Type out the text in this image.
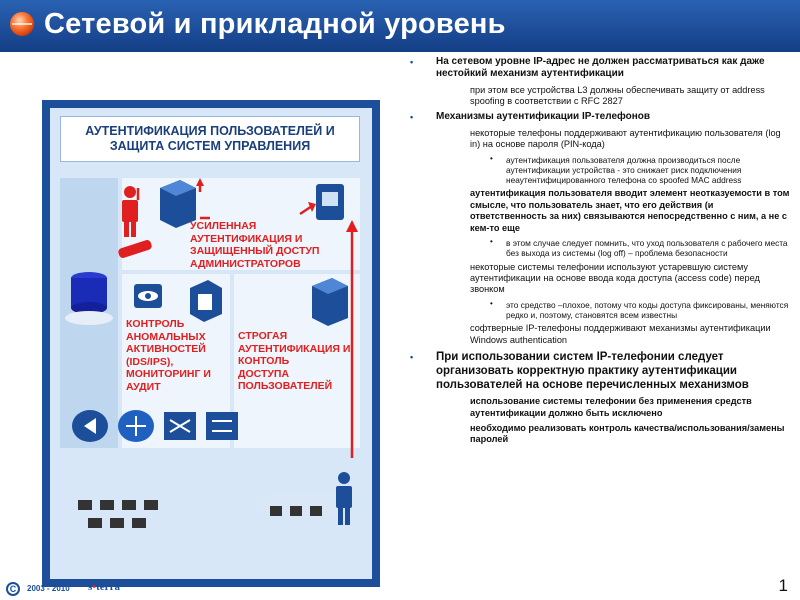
Сетевой и прикладной уровень
АУТЕНТИФИКАЦИЯ ПОЛЬЗОВАТЕЛЕЙ И
ЗАЩИТА СИСТЕМ УПРАВЛЕНИЯ
УСИЛЕННАЯ
АУТЕНТИФИКАЦИЯ И
ЗАЩИЩЕННЫЙ ДОСТУП
АДМИНИСТРАТОРОВ
КОНТРОЛЬ
АНОМАЛЬНЫХ
АКТИВНОСТЕЙ
(IDS/IPS),
МОНИТОРИНГ И
АУДИТ
СТРОГАЯ
АУТЕНТИФИКАЦИЯ И
КОНТОЛЬ
ДОСТУПА
ПОЛЬЗОВАТЕЛЕЙ
• На сетевом уровне IP-адрес не должен рассматриваться как даже нестойкий механизм аутентификации
при этом все устройства L3 должны обеспечивать защиту от address spoofing в соответствии с RFC 2827
• Механизмы аутентификации IP-телефонов
некоторые телефоны поддерживают аутентификацию пользователя (log in) на основе пароля (PIN-кода)
• аутентификация пользователя должна производиться после аутентификации устройства - это снижает риск подключения неаутентифицированного телефона со spoofed MAC address
аутентификация пользователя вводит элемент неотказуемости в том смысле, что пользователь знает, что его действия (и ответственность за них) связываются непосредственно с ним, а не с кем-то еще
• в этом случае следует помнить, что уход пользователя с рабочего места без выхода из системы (log off) – проблема безопасности
некоторые системы телефонии используют устаревшую систему аутентификации на основе ввода кода доступа (access code) перед звонком
• это средство –плохое, потому что коды доступа фиксированы, меняются редко и, поэтому, становятся всем известны
софтверные IP-телефоны поддерживают механизмы аутентификации Windows authentication
• При использовании систем IP-телефонии следует организовать корректную практику аутентификации пользователей на основе перечисленных механизмов
использование системы телефонии без применения средств аутентификации должно быть исключено
необходимо реализовать контроль качества/использования/замены паролей
C	2003 - 2010 s•terra	1
